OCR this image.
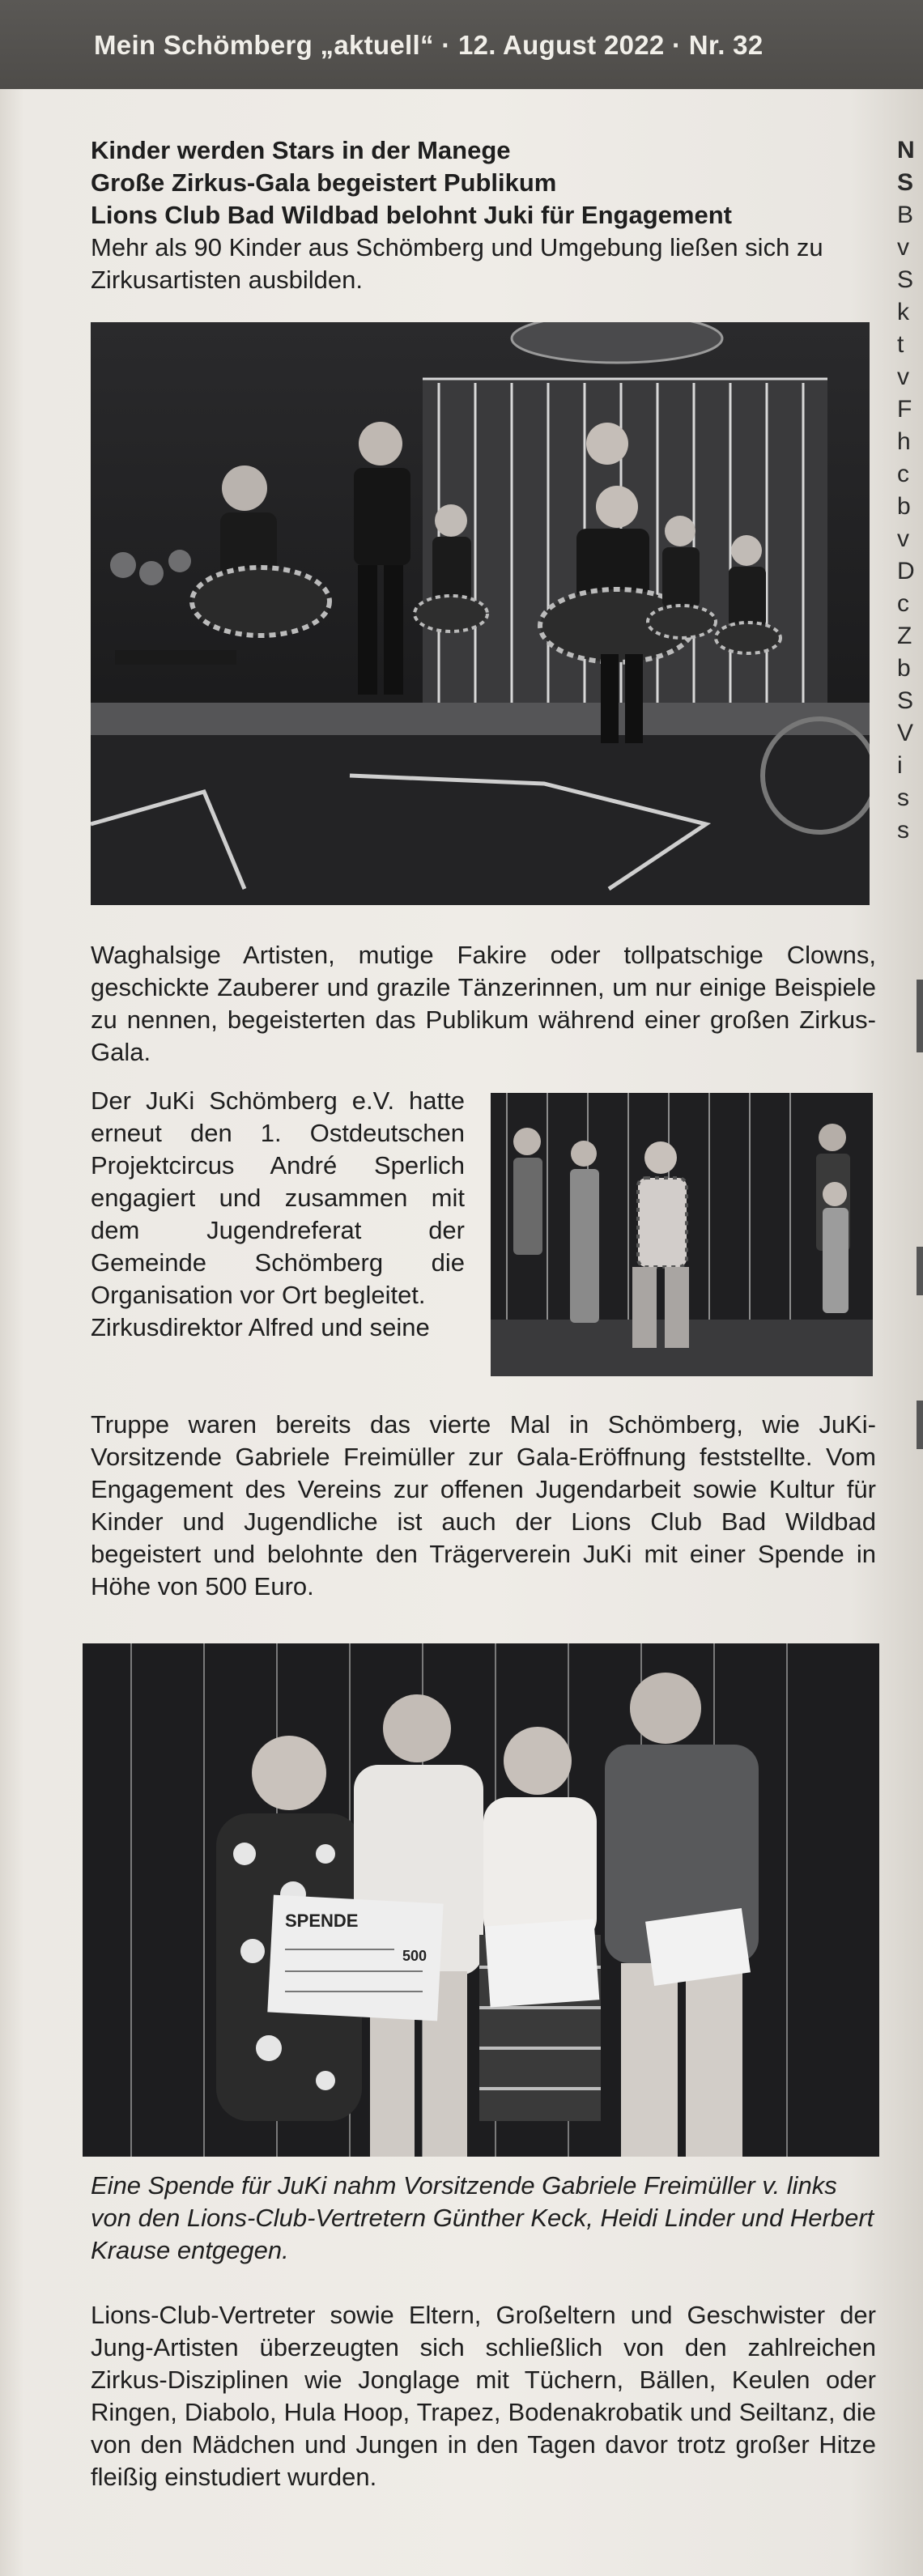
Mein Schömberg „aktuell“ · 12. August 2022 · Nr. 32

Kinder werden Stars in der Manege

Große Zirkus-Gala begeistert Publikum

Lions Club Bad Wildbad belohnt Juki für Engagement

Mehr als 90 Kinder aus Schömberg und Umgebung ließen sich zu Zirkusartisten ausbilden.

Waghalsige Artisten, mutige Fakire oder tollpatschige Clowns, geschickte Zauberer und grazile Tänzerinnen, um nur einige Beispiele zu nennen, begeisterten das Publikum während einer großen Zirkus-Gala.

Der JuKi Schömberg e.V. hatte erneut den 1. Ostdeutschen Projektcircus André Sperlich engagiert und zusammen mit dem Jugendreferat der Gemeinde Schömberg die Organisation vor Ort begleitet.

Zirkusdirektor Alfred und seine

Truppe waren bereits das vierte Mal in Schömberg, wie JuKi-Vorsitzende Gabriele Freimüller zur Gala-Eröffnung feststellte. Vom Engagement des Vereins zur offenen Jugendarbeit sowie Kultur für Kinder und Jugendliche ist auch der Lions Club Bad Wildbad begeistert und belohnte den Trägerverein JuKi mit einer Spende in Höhe von 500 Euro.

SPENDE
500

Eine Spende für JuKi nahm Vorsitzende Gabriele Freimüller v. links von den Lions-Club-Vertretern Günther Keck, Heidi Linder und Herbert Krause entgegen.

Lions-Club-Vertreter sowie Eltern, Großeltern und Geschwister der Jung-Artisten überzeugten sich schließlich von den zahlreichen Zirkus-Disziplinen wie Jonglage mit Tüchern, Bällen, Keulen oder Ringen, Diabolo, Hula Hoop, Trapez, Bodenakrobatik und Seiltanz, die von den Mädchen und Jungen in den Tagen davor trotz großer Hitze fleißig einstudiert wurden.

N
S
B
v
S
k
t
v
F
h
c
b
v
D
c
Z
b
S
V
i
s
s
